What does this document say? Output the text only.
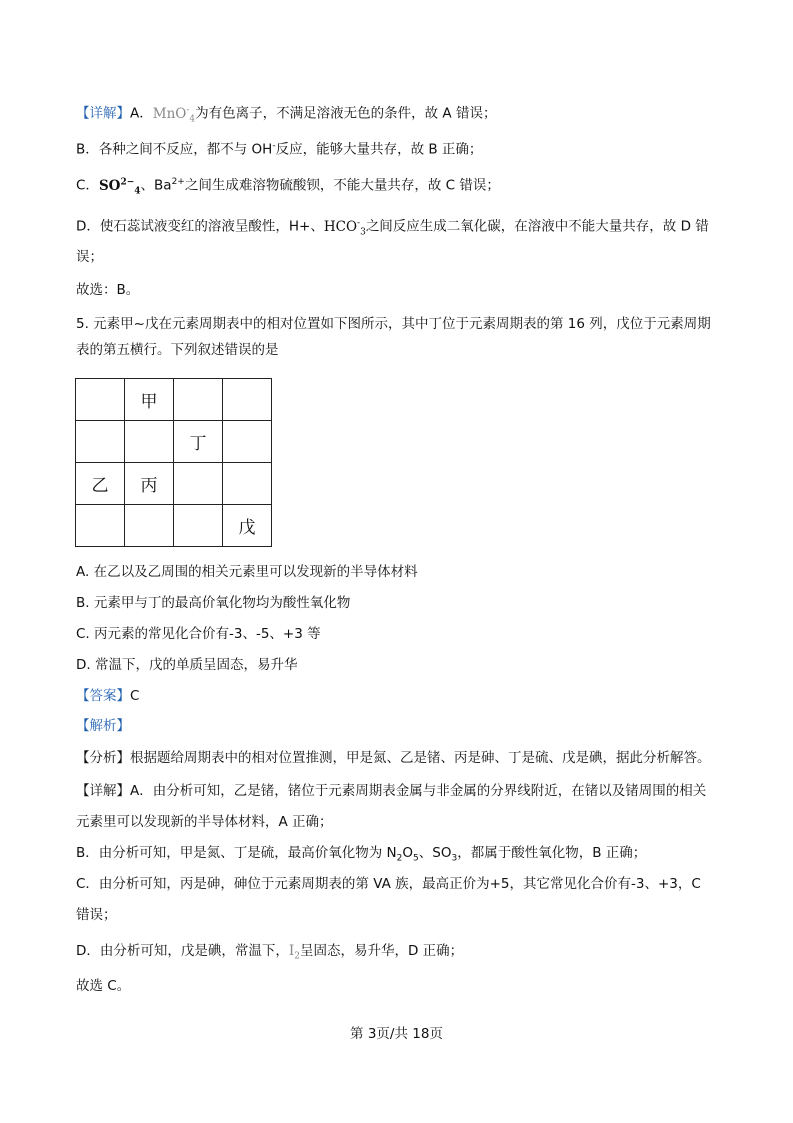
【详解】A．MnO-$_4$为有色离子，不满足溶液无色的条件，故 A 错误；
B．各种之间不反应，都不与 OH-反应，能够大量共存，故 B 正确；
C．$SO^{2-}_4$、$Ba^{2+}$之间生成难溶物硫酸钡，不能大量共存，故 C 错误；
D．使石蕊试液变红的溶液呈酸性，H+、$HCO^-_3$之间反应生成二氧化碳，在溶液中不能大量共存，故 D 错
误；
故选：B。
5. 元素甲~戊在元素周期表中的相对位置如下图所示，其中丁位于元素周期表的第 16 列，戊位于元素周期
表的第五横行。下列叙述错误的是
	甲		
		丁	
乙	丙		
			戊
A. 在乙以及乙周围的相关元素里可以发现新的半导体材料
B. 元素甲与丁的最高价氧化物均为酸性氧化物
C. 丙元素的常见化合价有-3、-5、+3 等
D. 常温下，戊的单质呈固态，易升华
【答案】C
【解析】
【分析】根据题给周期表中的相对位置推测，甲是氮、乙是锗、丙是砷、丁是硫、戊是碘，据此分析解答。
【详解】A．由分析可知，乙是锗，锗位于元素周期表金属与非金属的分界线附近，在锗以及锗周围的相关
元素里可以发现新的半导体材料，A 正确；
B．由分析可知，甲是氮、丁是硫，最高价氧化物为 $N_2O_5$、$SO_3$，都属于酸性氧化物，B 正确；
C．由分析可知，丙是砷，砷位于元素周期表的第 VA 族，最高正价为+5，其它常见化合价有-3、+3，C
错误；
D．由分析可知，戊是碘，常温下，$I_2$呈固态，易升华，D 正确；
故选 C。
第 3页/共 18页
